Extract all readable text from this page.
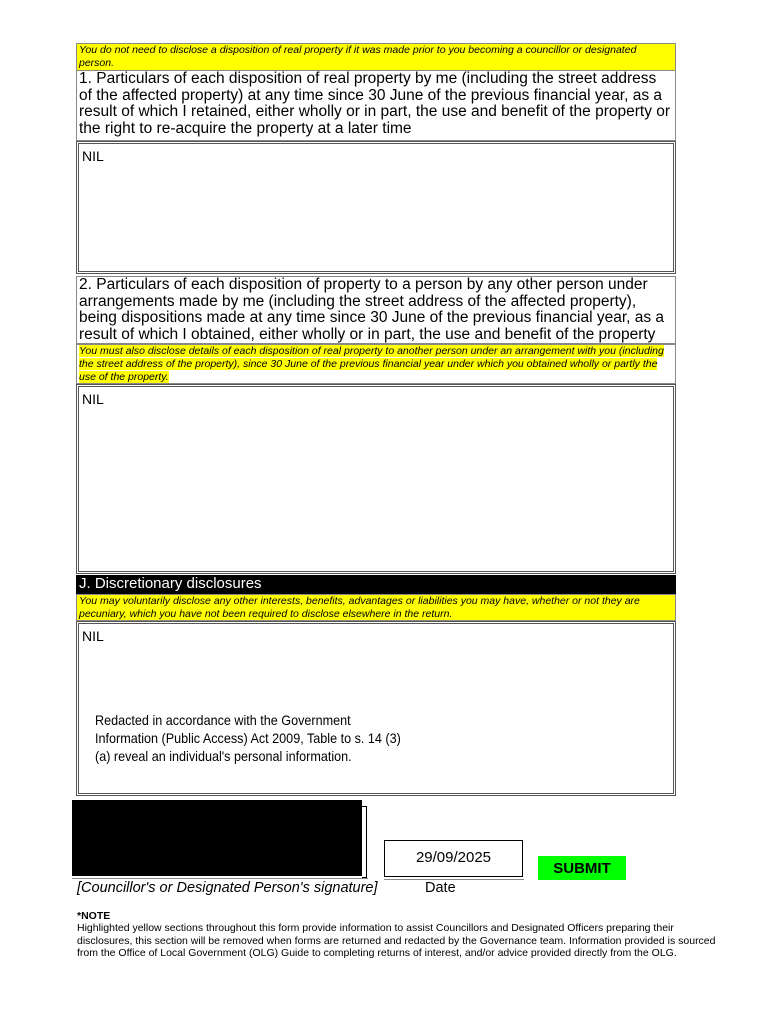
You do not need to disclose a disposition of real property if it was made prior to you becoming a councillor or designated person.
1. Particulars of each disposition of real property by me (including the street address of the affected property) at any time since 30 June of the previous financial year, as a result of which I retained, either wholly or in part, the use and benefit of the property or the right to re-acquire the property at a later time
NIL
2. Particulars of each disposition of property to a person by any other person under arrangements made by me (including the street address of the affected property), being dispositions made at any time since 30 June of the previous financial year, as a result of which I obtained, either wholly or in part, the use and benefit of the property
You must also disclose details of each disposition of real property to another person under an arrangement with you (including the street address of the property), since 30 June of the previous financial year under which you obtained wholly or partly the use of the property.
NIL
J. Discretionary disclosures
You may voluntarily disclose any other interests, benefits, advantages or liabilities you may have, whether or not they are pecuniary, which you have not been required to disclose elsewhere in the return.
NIL
Redacted in accordance with the Government Information (Public Access) Act 2009, Table to s. 14 (3) (a) reveal an individual's personal information.
29/09/2025
SUBMIT
[Councillor's or Designated Person's signature]	Date
*NOTE
Highlighted yellow sections throughout this form provide information to assist Councillors and Designated Officers preparing their disclosures, this section will be removed when forms are returned and redacted by the Governance team. Information provided is sourced from the Office of Local Government (OLG) Guide to completing returns of interest, and/or advice provided directly from the OLG.
